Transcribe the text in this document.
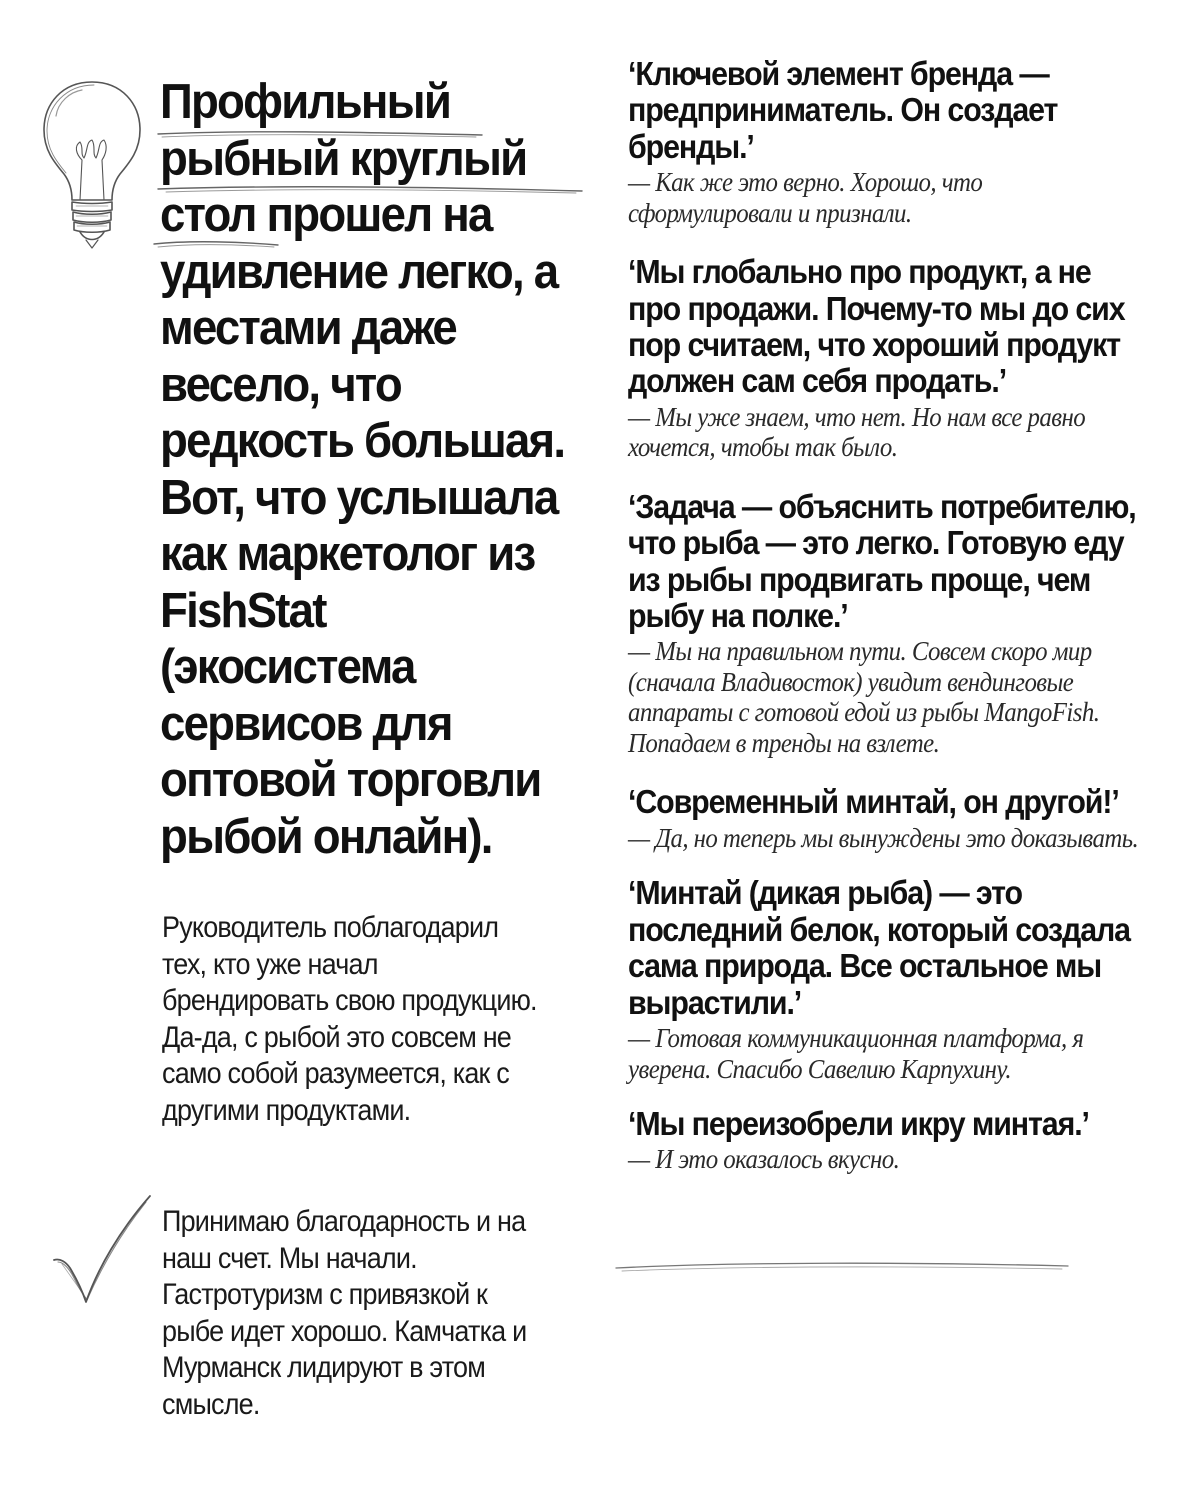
Профильный рыбный круглый стол прошел на удивление легко, а местами даже весело, что редкость большая. Вот, что услышала как маркетолог из FishStat (экосистема сервисов для оптовой торговли рыбой онлайн).

Руководитель поблагодарил тех, кто уже начал брендировать свою продукцию. Да-да, с рыбой это совсем не само собой разумеется, как с другими продуктами.

Принимаю благодарность и на наш счет. Мы начали. Гастротуризм с привязкой к рыбе идет хорошо. Камчатка и Мурманск лидируют в этом смысле.

‘Ключевой элемент бренда — предприниматель. Он создает бренды.’
— Как же это верно. Хорошо, что сформулировали и признали.
‘Мы глобально про продукт, а не про продажи. Почему-то мы до сих пор считаем, что хороший продукт должен сам себя продать.’
— Мы уже знаем, что нет. Но нам все равно хочется, чтобы так было.
‘Задача — объяснить потребителю, что рыба — это легко. Готовую еду из рыбы продвигать проще, чем рыбу на полке.’
— Мы на правильном пути. Совсем скоро мир (сначала Владивосток) увидит вендинговые аппараты с готовой едой из рыбы MangoFish. Попадаем в тренды на взлете.
‘Современный минтай, он другой!’
— Да, но теперь мы вынуждены это доказывать.
‘Минтай (дикая рыба) — это последний белок, который создала сама природа. Все остальное мы вырастили.’
— Готовая коммуникационная платформа, я уверена. Спасибо Савелию Карпухину.
‘Мы переизобрели икру минтая.’
— И это оказалось вкусно.
